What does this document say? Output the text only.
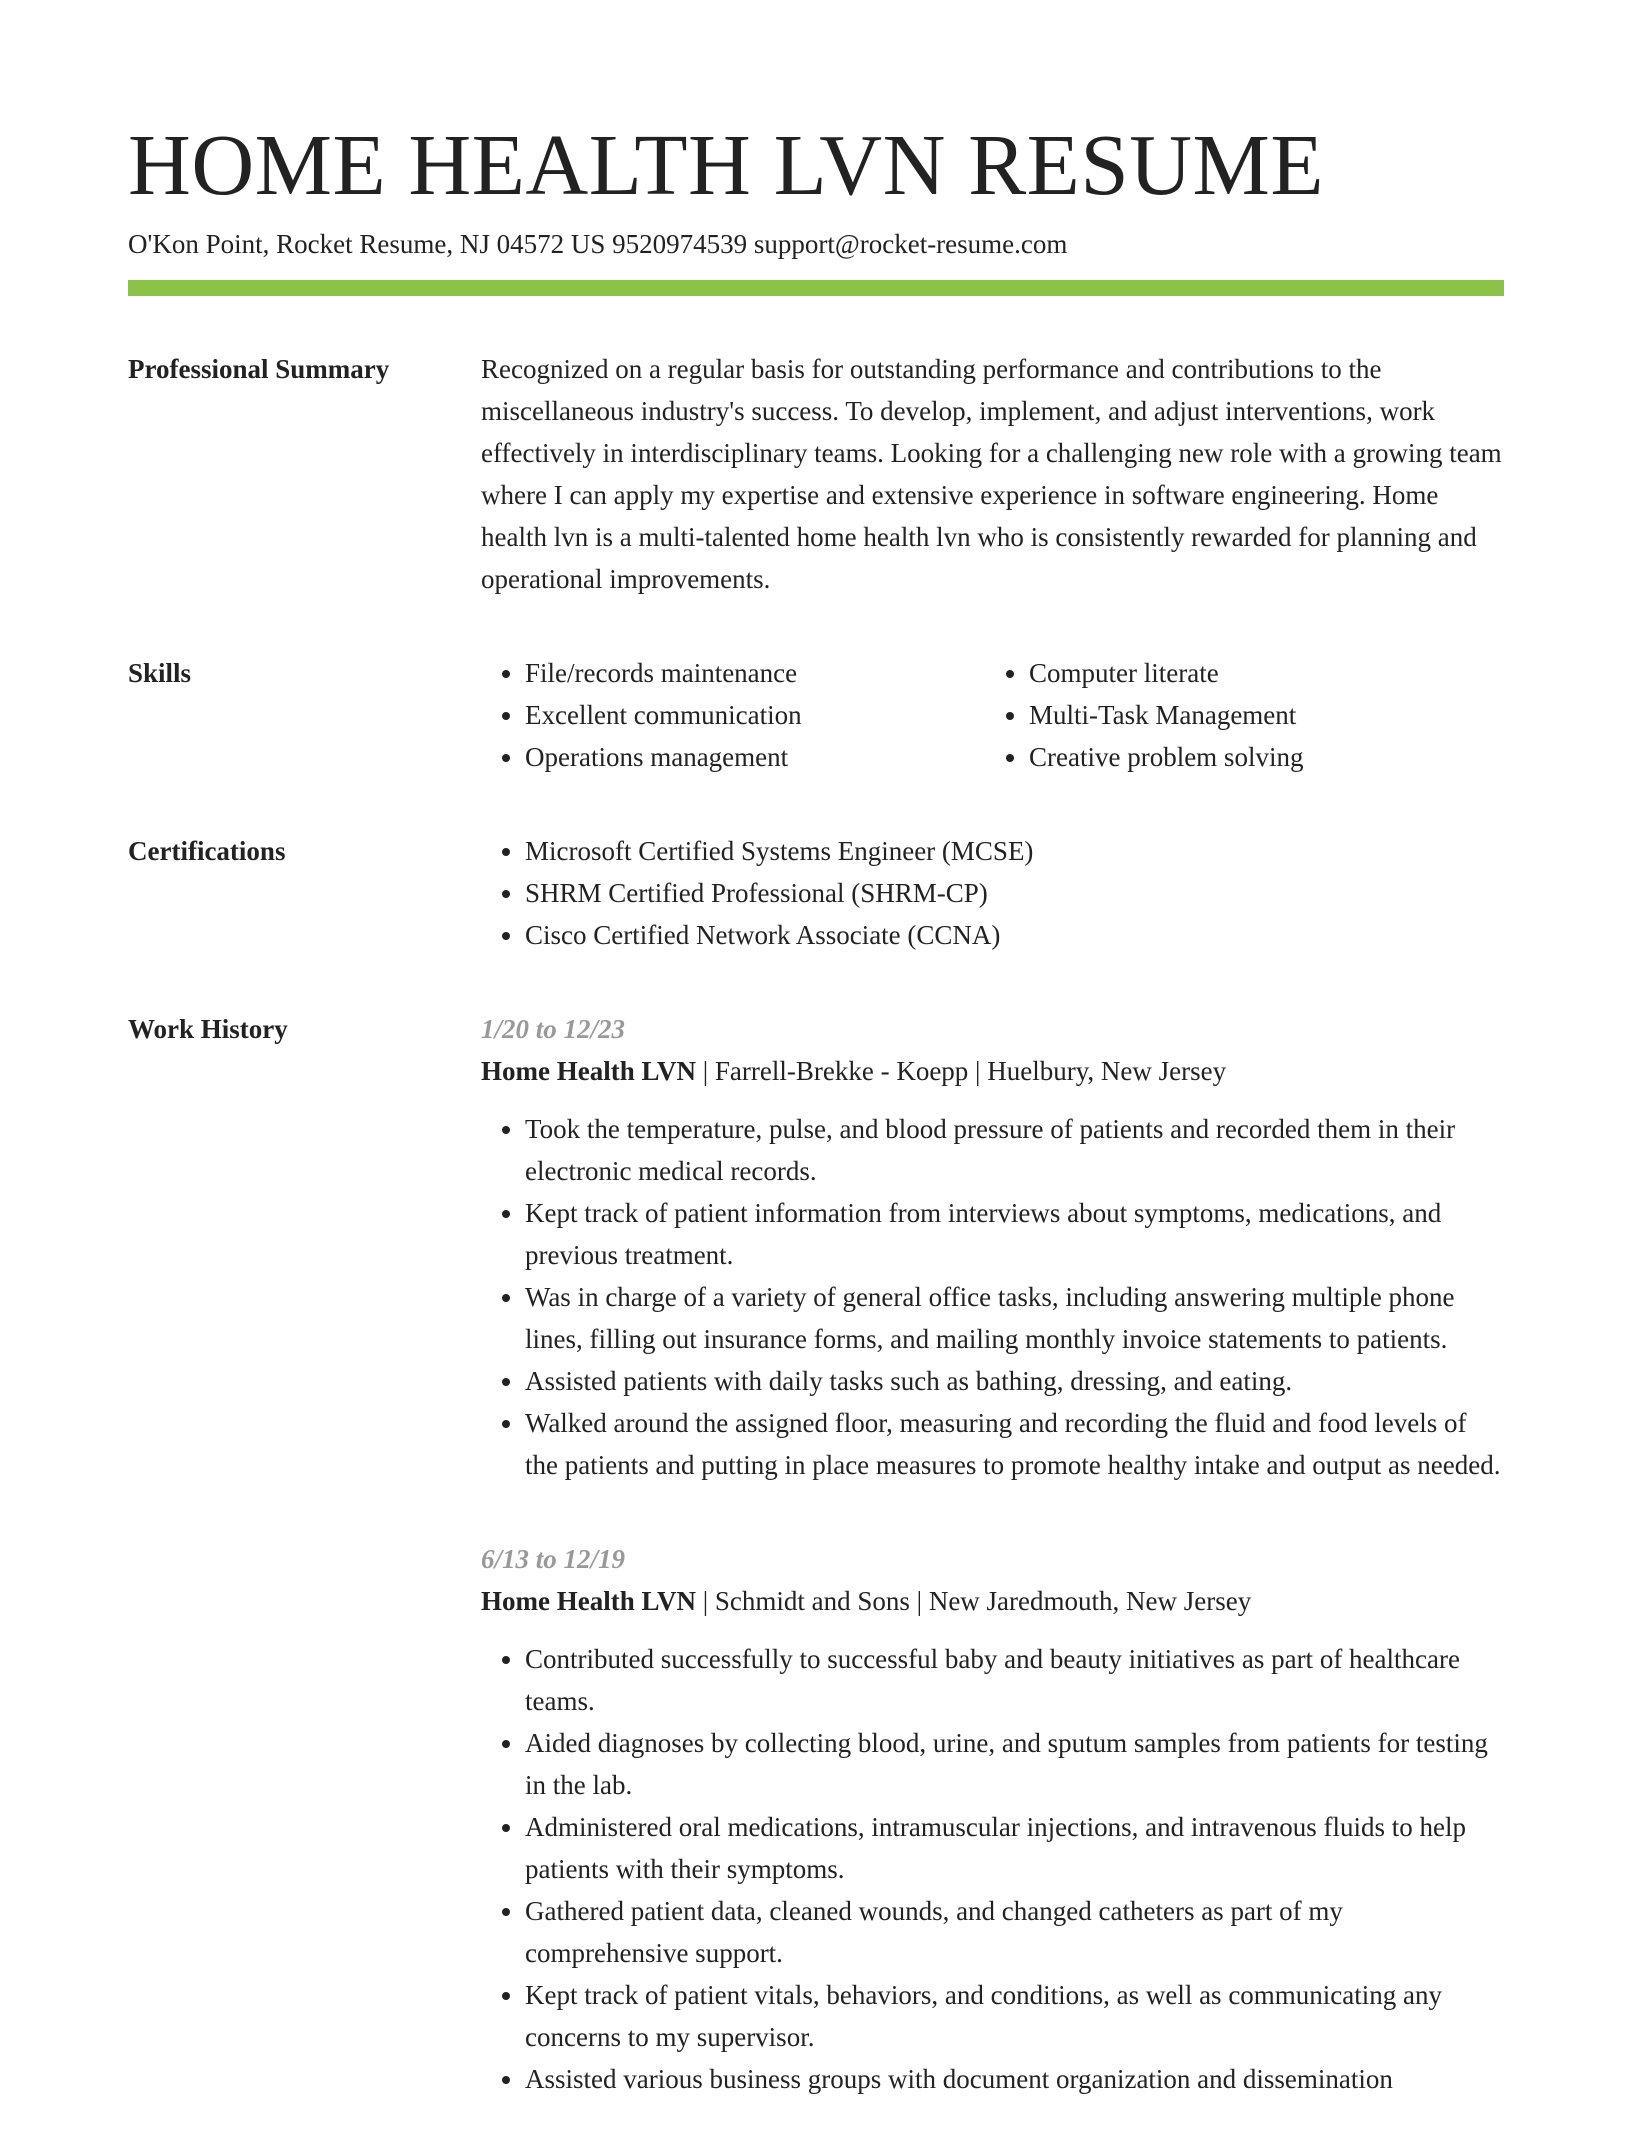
HOME HEALTH LVN RESUME
O'Kon Point, Rocket Resume, NJ 04572 US 9520974539 support@rocket-resume.com
Professional Summary	Recognized on a regular basis for outstanding performance and contributions to the miscellaneous industry's success. To develop, implement, and adjust interventions, work effectively in interdisciplinary teams. Looking for a challenging new role with a growing team where I can apply my expertise and extensive experience in software engineering. Home health lvn is a multi-talented home health lvn who is consistently rewarded for planning and operational improvements.

Skills	• File/records maintenance
• Excellent communication
• Operations management
• Computer literate
• Multi-Task Management
• Creative problem solving
Certifications	• Microsoft Certified Systems Engineer (MCSE)
• SHRM Certified Professional (SHRM-CP)
• Cisco Certified Network Associate (CCNA)
Work History	1/20 to 12/23
Home Health LVN | Farrell-Brekke - Koepp | Huelbury, New Jersey
• Took the temperature, pulse, and blood pressure of patients and recorded them in their electronic medical records.
• Kept track of patient information from interviews about symptoms, medications, and previous treatment.
• Was in charge of a variety of general office tasks, including answering multiple phone lines, filling out insurance forms, and mailing monthly invoice statements to patients.
• Assisted patients with daily tasks such as bathing, dressing, and eating.
• Walked around the assigned floor, measuring and recording the fluid and food levels of the patients and putting in place measures to promote healthy intake and output as needed.
6/13 to 12/19
Home Health LVN | Schmidt and Sons | New Jaredmouth, New Jersey
• Contributed successfully to successful baby and beauty initiatives as part of healthcare teams.
• Aided diagnoses by collecting blood, urine, and sputum samples from patients for testing in the lab.
• Administered oral medications, intramuscular injections, and intravenous fluids to help patients with their symptoms.
• Gathered patient data, cleaned wounds, and changed catheters as part of my comprehensive support.
• Kept track of patient vitals, behaviors, and conditions, as well as communicating any concerns to my supervisor.
• Assisted various business groups with document organization and dissemination
